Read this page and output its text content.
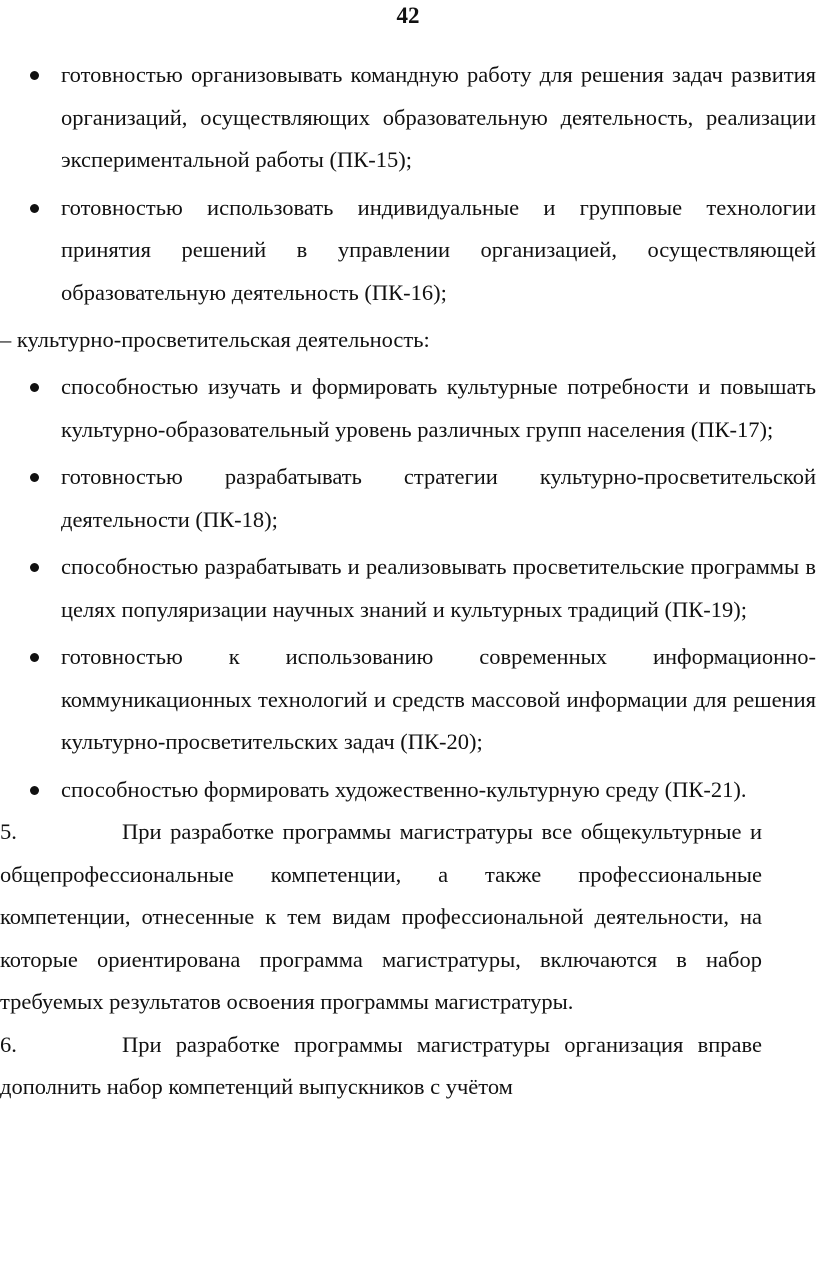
42
готовностью организовывать командную работу для решения задач развития организаций, осуществляющих образовательную деятельность, реализации экспериментальной работы (ПК-15);
готовностью использовать индивидуальные и групповые технологии принятия решений в управлении организацией, осуществляющей образовательную деятельность (ПК-16);

– культурно-просветительская деятельность:

способностью изучать и формировать культурные потребности и повышать культурно-образовательный уровень различных групп населения (ПК-17);
готовностью разрабатывать стратегии культурно-просветительской деятельности (ПК-18);
способностью разрабатывать и реализовывать просветительские программы в целях популяризации научных знаний и культурных традиций (ПК-19);
готовностью к использованию современных информационно-коммуникационных технологий и средств массовой информации для решения культурно-просветительских задач (ПК-20);
способностью формировать художественно-культурную среду (ПК-21).

5.	При разработке программы магистратуры все общекультурные и общепрофессиональные компетенции, а также профессиональные компетенции, отнесенные к тем видам профессиональной деятельности, на которые ориентирована программа магистратуры, включаются в набор требуемых результатов освоения программы магистратуры.

6.	При разработке программы магистратуры организация вправе дополнить набор компетенций выпускников с учётом
